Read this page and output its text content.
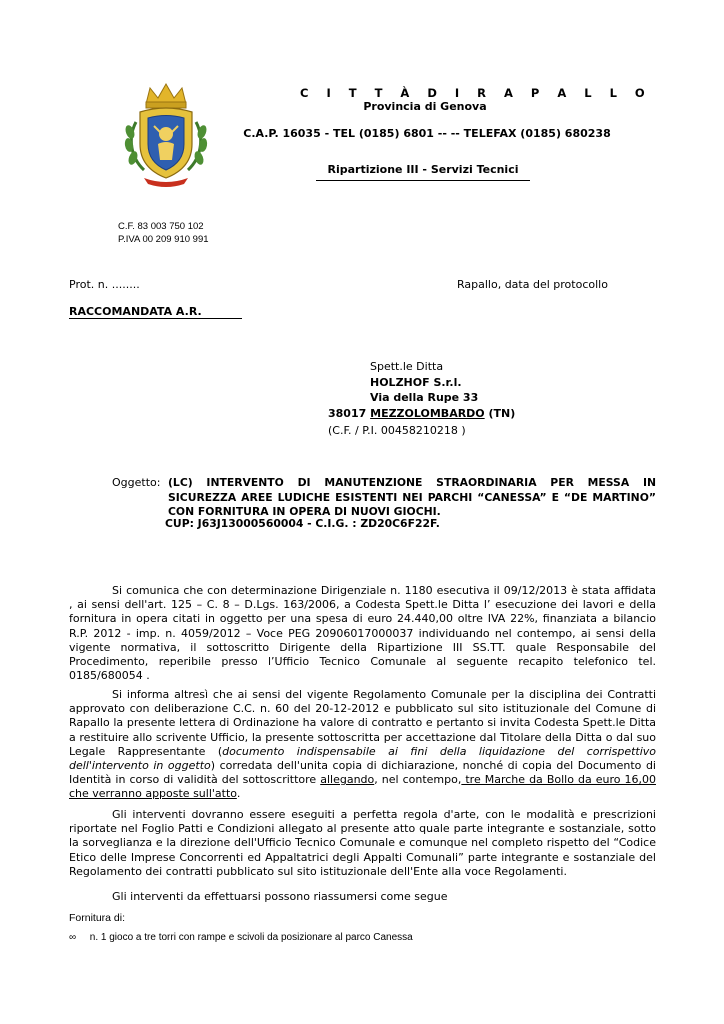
C I T T À D I R A P A L L O
Provincia di Genova
C.A.P. 16035 - TEL (0185) 6801 -- -- TELEFAX (0185) 680238
Ripartizione III - Servizi Tecnici
C.F. 83 003 750 102
P.IVA 00 209 910 991
Prot. n. ........	Rapallo, data del protocollo
RACCOMANDATA A.R.
Spett.le Ditta
HOLZHOF S.r.l.
Via della Rupe 33
38017 MEZZOLOMBARDO (TN)
(C.F. / P.I. 00458210218 )
Oggetto: (LC) INTERVENTO DI MANUTENZIONE STRAORDINARIA PER MESSA IN SICUREZZA AREE LUDICHE ESISTENTI NEI PARCHI “CANESSA” E “DE MARTINO” CON FORNITURA IN OPERA DI NUOVI GIOCHI.
CUP: J63J13000560004 - C.I.G. : ZD20C6F22F.
Si comunica che con determinazione Dirigenziale n. 1180 esecutiva il 09/12/2013 è stata affidata , ai sensi dell'art. 125 – C. 8 – D.Lgs. 163/2006, a Codesta Spett.le Ditta l’ esecuzione dei lavori e della fornitura in opera citati in oggetto per una spesa di euro 24.440,00 oltre IVA 22%, finanziata a bilancio R.P. 2012 - imp. n. 4059/2012 – Voce PEG 20906017000037 individuando nel contempo, ai sensi della vigente normativa, il sottoscritto Dirigente della Ripartizione III SS.TT. quale Responsabile del Procedimento, reperibile presso l’Ufficio Tecnico Comunale al seguente recapito telefonico tel. 0185/680054 .
Si informa altresì che ai sensi del vigente Regolamento Comunale per la disciplina dei Contratti approvato con deliberazione C.C. n. 60 del 20-12-2012 e pubblicato sul sito istituzionale del Comune di Rapallo la presente lettera di Ordinazione ha valore di contratto e pertanto si invita Codesta Spett.le Ditta a restituire allo scrivente Ufficio, la presente sottoscritta per accettazione dal Titolare della Ditta o dal suo Legale Rappresentante (documento indispensabile ai fini della liquidazione del corrispettivo dell'intervento in oggetto) corredata dell'unita copia di dichiarazione, nonché di copia del Documento di Identità in corso di validità del sottoscrittore allegando, nel contempo, tre Marche da Bollo da euro 16,00 che verranno apposte sull'atto.
Gli interventi dovranno essere eseguiti a perfetta regola d'arte, con le modalità e prescrizioni riportate nel Foglio Patti e Condizioni allegato al presente atto quale parte integrante e sostanziale, sotto la sorveglianza e la direzione dell'Ufficio Tecnico Comunale e comunque nel completo rispetto del “Codice Etico delle Imprese Concorrenti ed Appaltatrici degli Appalti Comunali” parte integrante e sostanziale del Regolamento dei contratti pubblicato sul sito istituzionale dell'Ente alla voce Regolamenti.
Gli interventi da effettuarsi possono riassumersi come segue
Fornitura di:
∞ n. 1 gioco a tre torri con rampe e scivoli da posizionare al parco Canessa
